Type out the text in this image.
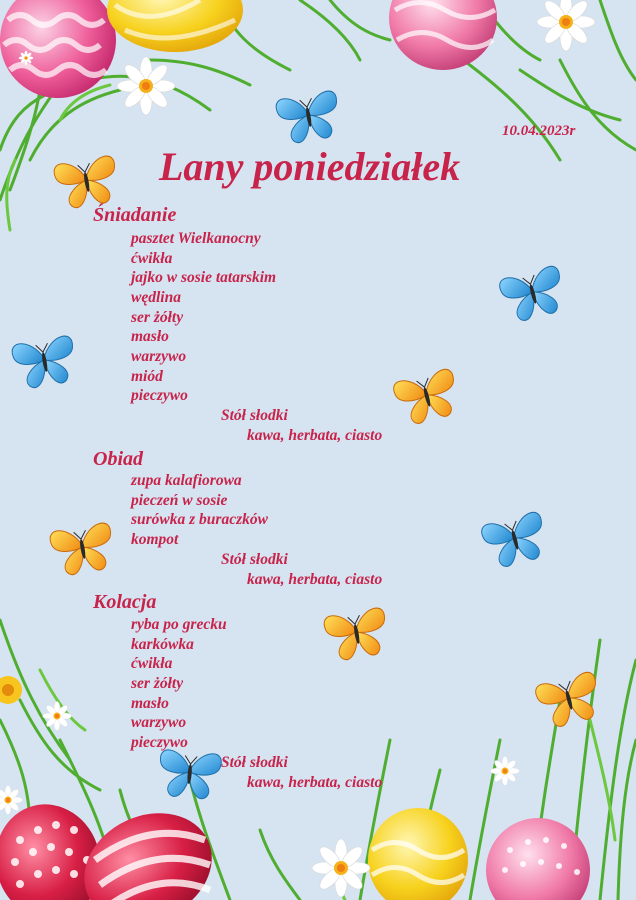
10.04.2023r
Lany poniedziałek
Śniadanie
pasztet Wielkanocny
ćwikła
jajko w sosie tatarskim
wędlina
ser żółty
masło
warzywo
miód
pieczywo
Stół słodki
kawa, herbata, ciasto
Obiad
zupa kalafiorowa
pieczeń w sosie
surówka z buraczków
kompot
Stół słodki
kawa, herbata, ciasto
Kolacja
ryba po grecku
karkówka
ćwikła
ser żółty
masło
warzywo
pieczywo
Stół słodki
kawa, herbata, ciasto
